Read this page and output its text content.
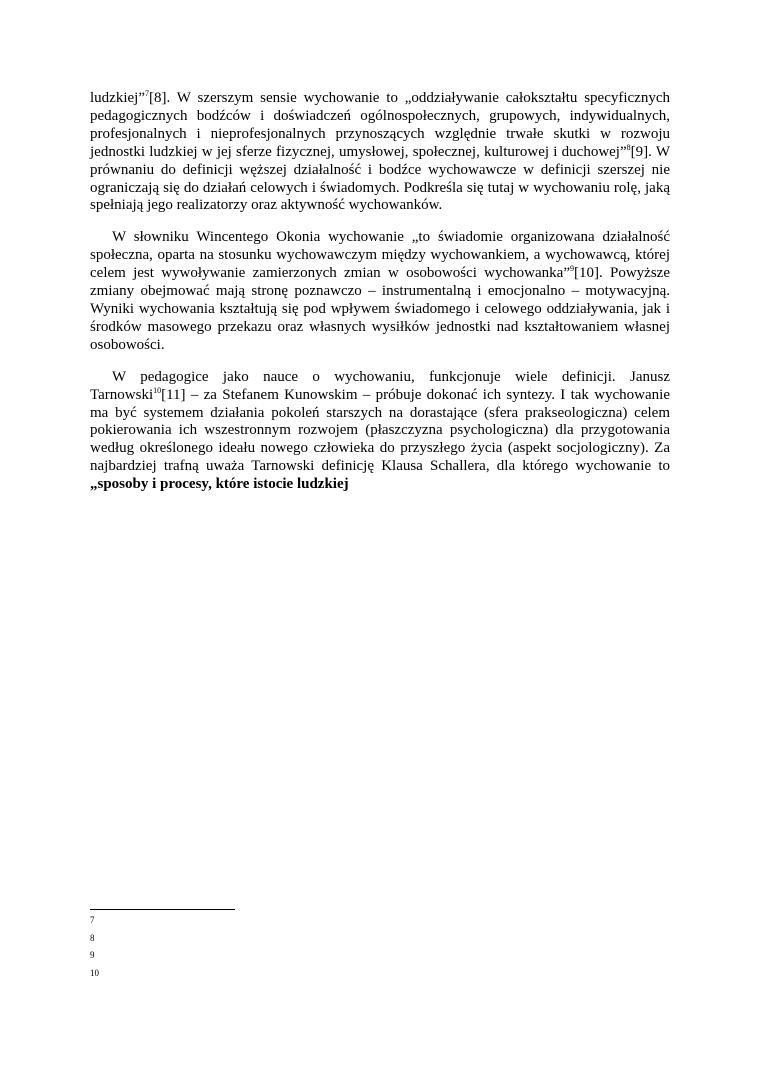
ludzkiej”$^7$[8]. W szerszym sensie wychowanie to „oddziaływanie całokształtu specyficznych pedagogicznych bodźców i doświadczeń ogólnospołecznych, grupowych, indywidualnych, profesjonalnych i nieprofesjonalnych przynoszących względnie trwałe skutki w rozwoju jednostki ludzkiej w jej sferze fizycznej, umysłowej, społecznej, kulturowej i duchowej”$^8$[9]. W prównaniu do definicji węższej działalność i bodźce wychowawcze w definicji szerszej nie ograniczają się do działań celowych i świadomych. Podkreśla się tutaj w wychowaniu rolę, jaką spełniają jego realizatorzy oraz aktywność wychowanków.

W słowniku Wincentego Okonia wychowanie „to świadomie organizowana działalność społeczna, oparta na stosunku wychowawczym między wychowankiem, a wychowawcą, której celem jest wywoływanie zamierzonych zmian w osobowości wychowanka”$^9$[10]. Powyższe zmiany obejmować mają stronę poznawczo – instrumentalną i emocjonalno – motywacyjną. Wyniki wychowania kształtują się pod wpływem świadomego i celowego oddziaływania, jak i środków masowego przekazu oraz własnych wysiłków jednostki nad kształtowaniem własnej osobowości.

W pedagogice jako nauce o wychowaniu, funkcjonuje wiele definicji. Janusz Tarnowski$^{10}$[11] – za Stefanem Kunowskim – próbuje dokonać ich syntezy. I tak wychowanie ma być systemem działania pokoleń starszych na dorastające (sfera prakseologiczna) celem pokierowania ich wszestronnym rozwojem (płaszczyzna psychologiczna) dla przygotowania według określonego ideału nowego człowieka do przyszłego życia (aspekt socjologiczny). Za najbardziej trafną uważa Tarnowski definicję Klausa Schallera, dla którego wychowanie to „sposoby i procesy, które istocie ludzkiej

7

8

9

10
